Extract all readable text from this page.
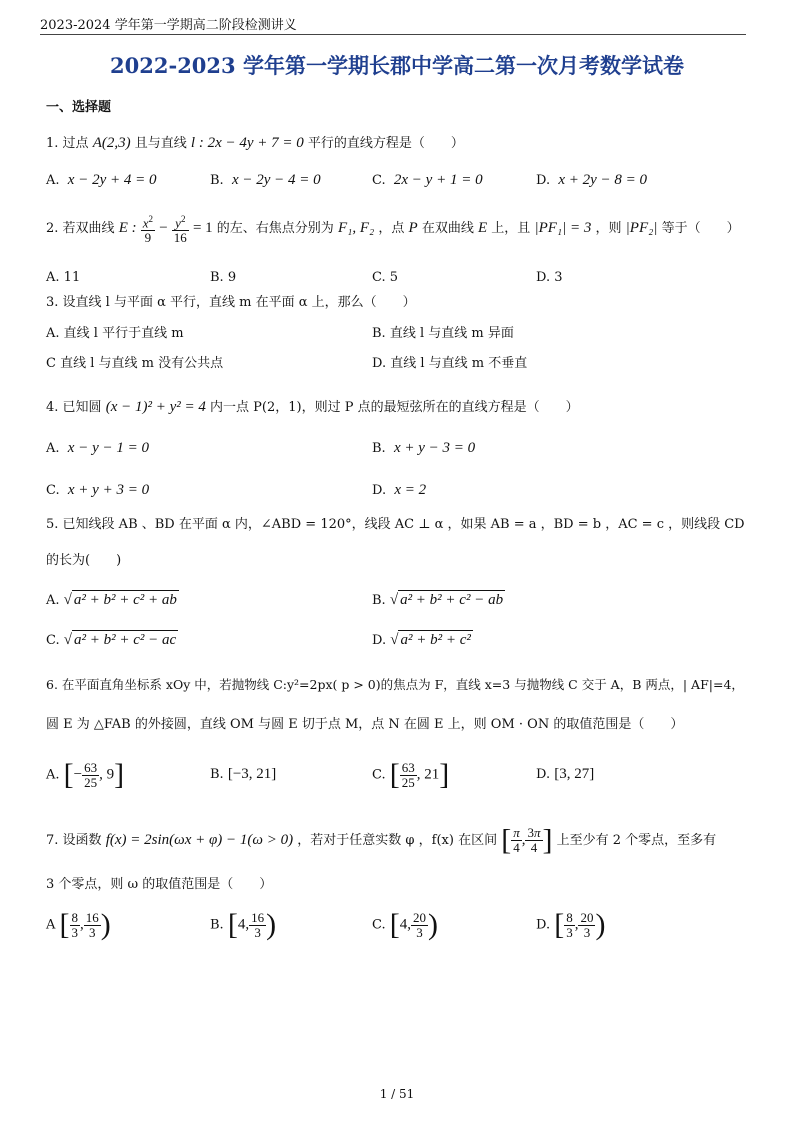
2023-2024 学年第一学期高二阶段检测讲义
2022-2023 学年第一学期长郡中学高二第一次月考数学试卷
一、选择题
1. 过点 A(2,3) 且与直线 l : 2x − 4y + 7 = 0 平行的直线方程是（　　）
A. x − 2y + 4 = 0	B. x − 2y − 4 = 0	C. 2x − y + 1 = 0	D. x + 2y − 8 = 0
2. 若双曲线 E : $\frac{x^2}{9} - \frac{y^2}{16} = 1$ 的左、右焦点分别为 F₁, F₂ ，点 P 在双曲线 E 上，且 |PF₁| = 3 ，则 |PF₂| 等于（　　）
A. 11	B. 9	C. 5	D. 3
3. 设直线 l 与平面 α 平行，直线 m 在平面 α 上，那么（　　）
A. 直线 l 平行于直线 m	B. 直线 l 与直线 m 异面
C 直线 l 与直线 m 没有公共点	D. 直线 l 与直线 m 不垂直
4. 已知圆 (x − 1)² + y² = 4 内一点 P(2，1)，则过 P 点的最短弦所在的直线方程是（　　）
A. x − y − 1 = 0	B. x + y − 3 = 0
C. x + y + 3 = 0	D. x = 2
5. 已知线段 AB 、BD 在平面 α 内，∠ABD = 120°，线段 AC ⊥ α ，如果 AB = a ，BD = b ，AC = c ，则线段 CD
的长为(　　)
A. √ a² + b² + c² + ab	B. √ a² + b² + c² − ab
C. √ a² + b² + c² − ac	D. √ a² + b² + c²
6. 在平面直角坐标系 xOy 中，若抛物线 C:y²=2px( p > 0)的焦点为 F，直线 x=3 与抛物线 C 交于 A，B 两点，| AF|=4，
圆 E 为 △FAB 的外接圆，直线 OM 与圆 E 切于点 M，点 N 在圆 E 上，则 OM · ON 的取值范围是（　　）
A. [− $\frac{63}{25}$ , 9]	B. [−3, 21]	C. [ $\frac{63}{25}$ , 21]	D. [3, 27]
7. 设函数 f(x) = 2sin(ωx + φ) − 1(ω > 0) ，若对于任意实数 φ ，f(x) 在区间 [ $\frac{\pi}{4}$ , $\frac{3\pi}{4}$ ] 上至少有 2 个零点，至多有
3 个零点，则 ω 的取值范围是（　　）
A [ $\frac{8}{3}$ , $\frac{16}{3}$ )	B. [4, $\frac{16}{3}$ )	C. [4, $\frac{20}{3}$ )	D. [ $\frac{8}{3}$ , $\frac{20}{3}$ )
1 / 51
